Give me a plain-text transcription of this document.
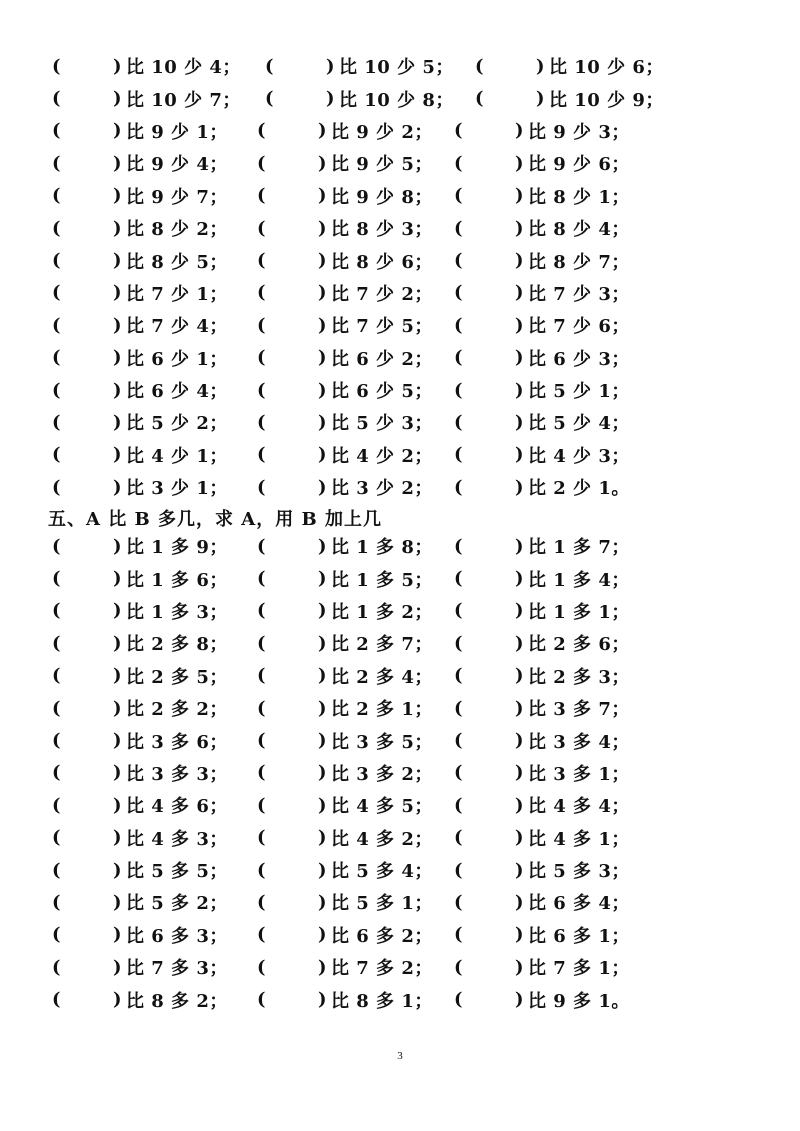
(	) 比 10 少 4； (	) 比 10 少 5； (	) 比 10 少 6；
(	) 比 10 少 7； (	) 比 10 少 8； (	) 比 10 少 9；
(	) 比 9 少 1； (	) 比 9 少 2； (	) 比 9 少 3；
(	) 比 9 少 4； (	) 比 9 少 5； (	) 比 9 少 6；
(	) 比 9 少 7； (	) 比 9 少 8； (	) 比 8 少 1；
(	) 比 8 少 2； (	) 比 8 少 3； (	) 比 8 少 4；
(	) 比 8 少 5； (	) 比 8 少 6； (	) 比 8 少 7；
(	) 比 7 少 1； (	) 比 7 少 2； (	) 比 7 少 3；
(	) 比 7 少 4； (	) 比 7 少 5； (	) 比 7 少 6；
(	) 比 6 少 1； (	) 比 6 少 2； (	) 比 6 少 3；
(	) 比 6 少 4； (	) 比 6 少 5； (	) 比 5 少 1；
(	) 比 5 少 2； (	) 比 5 少 3； (	) 比 5 少 4；
(	) 比 4 少 1； (	) 比 4 少 2； (	) 比 4 少 3；
(	) 比 3 少 1； (	) 比 3 少 2； (	) 比 2 少 1。
五、A 比 B 多几，求 A，用 B 加上几
(	) 比 1 多 9； (	) 比 1 多 8； (	) 比 1 多 7；
(	) 比 1 多 6； (	) 比 1 多 5； (	) 比 1 多 4；
(	) 比 1 多 3； (	) 比 1 多 2； (	) 比 1 多 1；
(	) 比 2 多 8； (	) 比 2 多 7； (	) 比 2 多 6；
(	) 比 2 多 5； (	) 比 2 多 4； (	) 比 2 多 3；
(	) 比 2 多 2； (	) 比 2 多 1； (	) 比 3 多 7；
(	) 比 3 多 6； (	) 比 3 多 5； (	) 比 3 多 4；
(	) 比 3 多 3； (	) 比 3 多 2； (	) 比 3 多 1；
(	) 比 4 多 6； (	) 比 4 多 5； (	) 比 4 多 4；
(	) 比 4 多 3； (	) 比 4 多 2； (	) 比 4 多 1；
(	) 比 5 多 5； (	) 比 5 多 4； (	) 比 5 多 3；
(	) 比 5 多 2； (	) 比 5 多 1； (	) 比 6 多 4；
(	) 比 6 多 3； (	) 比 6 多 2； (	) 比 6 多 1；
(	) 比 7 多 3； (	) 比 7 多 2； (	) 比 7 多 1；
(	) 比 8 多 2； (	) 比 8 多 1； (	) 比 9 多 1。
3
